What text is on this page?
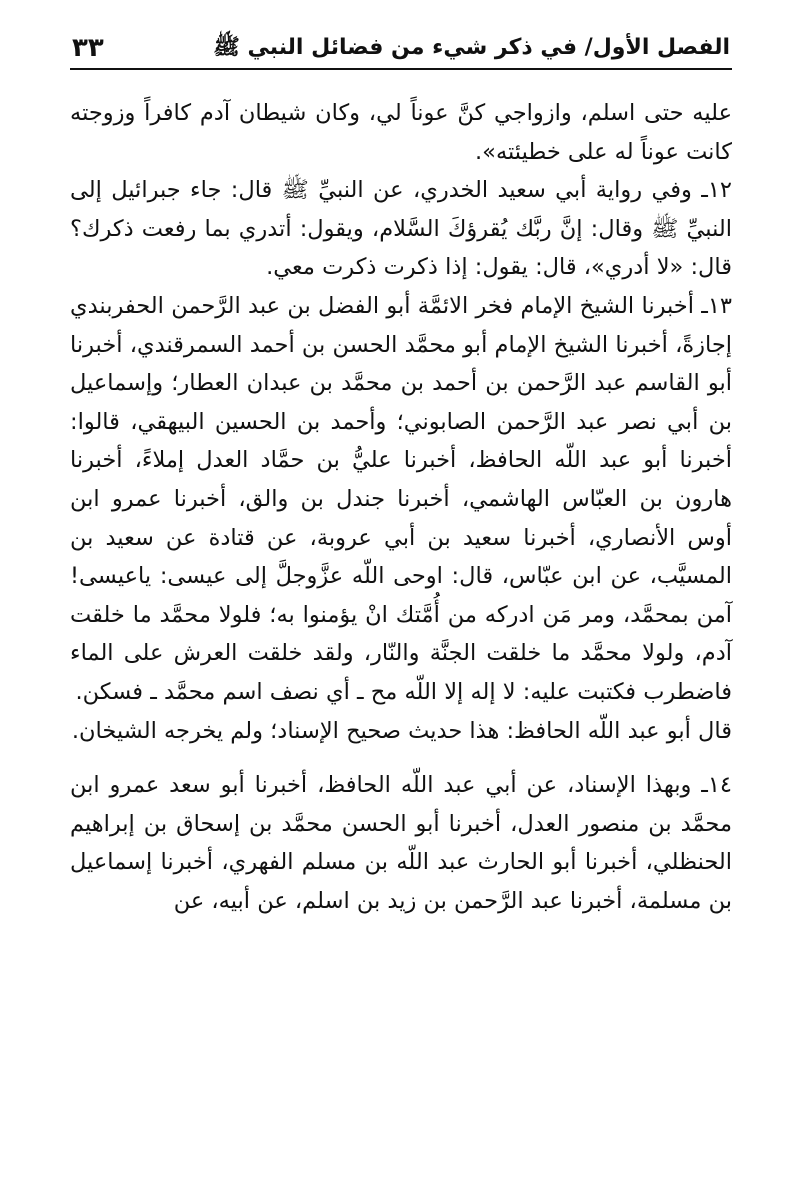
الفصل الأول/ في ذكر شيء من فضائل النبي ﷺ
٣٣

عليه حتى اسلم، وازواجي كنَّ عوناً لي، وكان شيطان آدم كافراً وزوجته كانت عوناً له على خطيئته».

١٢ـ وفي رواية أبي سعيد الخدري، عن النبيِّ ﷺ قال: جاء جبرائيل إلى النبيِّ ﷺ وقال: إنَّ ربَّك يُقرؤكَ السَّلام، ويقول: أتدري بما رفعت ذكرك؟ قال: «لا أدري»، قال: يقول: إذا ذكرت ذكرت معي.

١٣ـ أخبرنا الشيخ الإمام فخر الائمَّة أبو الفضل بن عبد الرَّحمن الحفربندي إجازةً، أخبرنا الشيخ الإمام أبو محمَّد الحسن بن أحمد السمرقندي، أخبرنا أبو القاسم عبد الرَّحمن بن أحمد بن محمَّد بن عبدان العطار؛ وإسماعيل بن أبي نصر عبد الرَّحمن الصابوني؛ وأحمد بن الحسين البيهقي، قالوا: أخبرنا أبو عبد اللّه الحافظ، أخبرنا عليُّ بن حمَّاد العدل إملاءً، أخبرنا هارون بن العبّاس الهاشمي، أخبرنا جندل بن والق، أخبرنا عمرو ابن أوس الأنصاري، أخبرنا سعيد بن أبي عروبة، عن قتادة عن سعيد بن المسيَّب، عن ابن عبّاس، قال: اوحى اللّه عزَّوجلَّ إلى عيسى: ياعيسى! آمن بمحمَّد، ومر مَن ادركه من أُمَّتك انْ يؤمنوا به؛ فلولا محمَّد ما خلقت آدم، ولولا محمَّد ما خلقت الجنَّة والنّار، ولقد خلقت العرش على الماء فاضطرب فكتبت عليه: لا إله إلا اللّه مح ـ أي نصف اسم محمَّد ـ فسكن.

قال أبو عبد اللّه الحافظ: هذا حديث صحيح الإسناد؛ ولم يخرجه الشيخان.

١٤ـ وبهذا الإسناد، عن أبي عبد اللّه الحافظ، أخبرنا أبو سعد عمرو ابن محمَّد بن منصور العدل، أخبرنا أبو الحسن محمَّد بن إسحاق بن إبراهيم الحنظلي، أخبرنا أبو الحارث عبد اللّه بن مسلم الفهري، أخبرنا إسماعيل بن مسلمة، أخبرنا عبد الرَّحمن بن زيد بن اسلم، عن أبيه، عن
